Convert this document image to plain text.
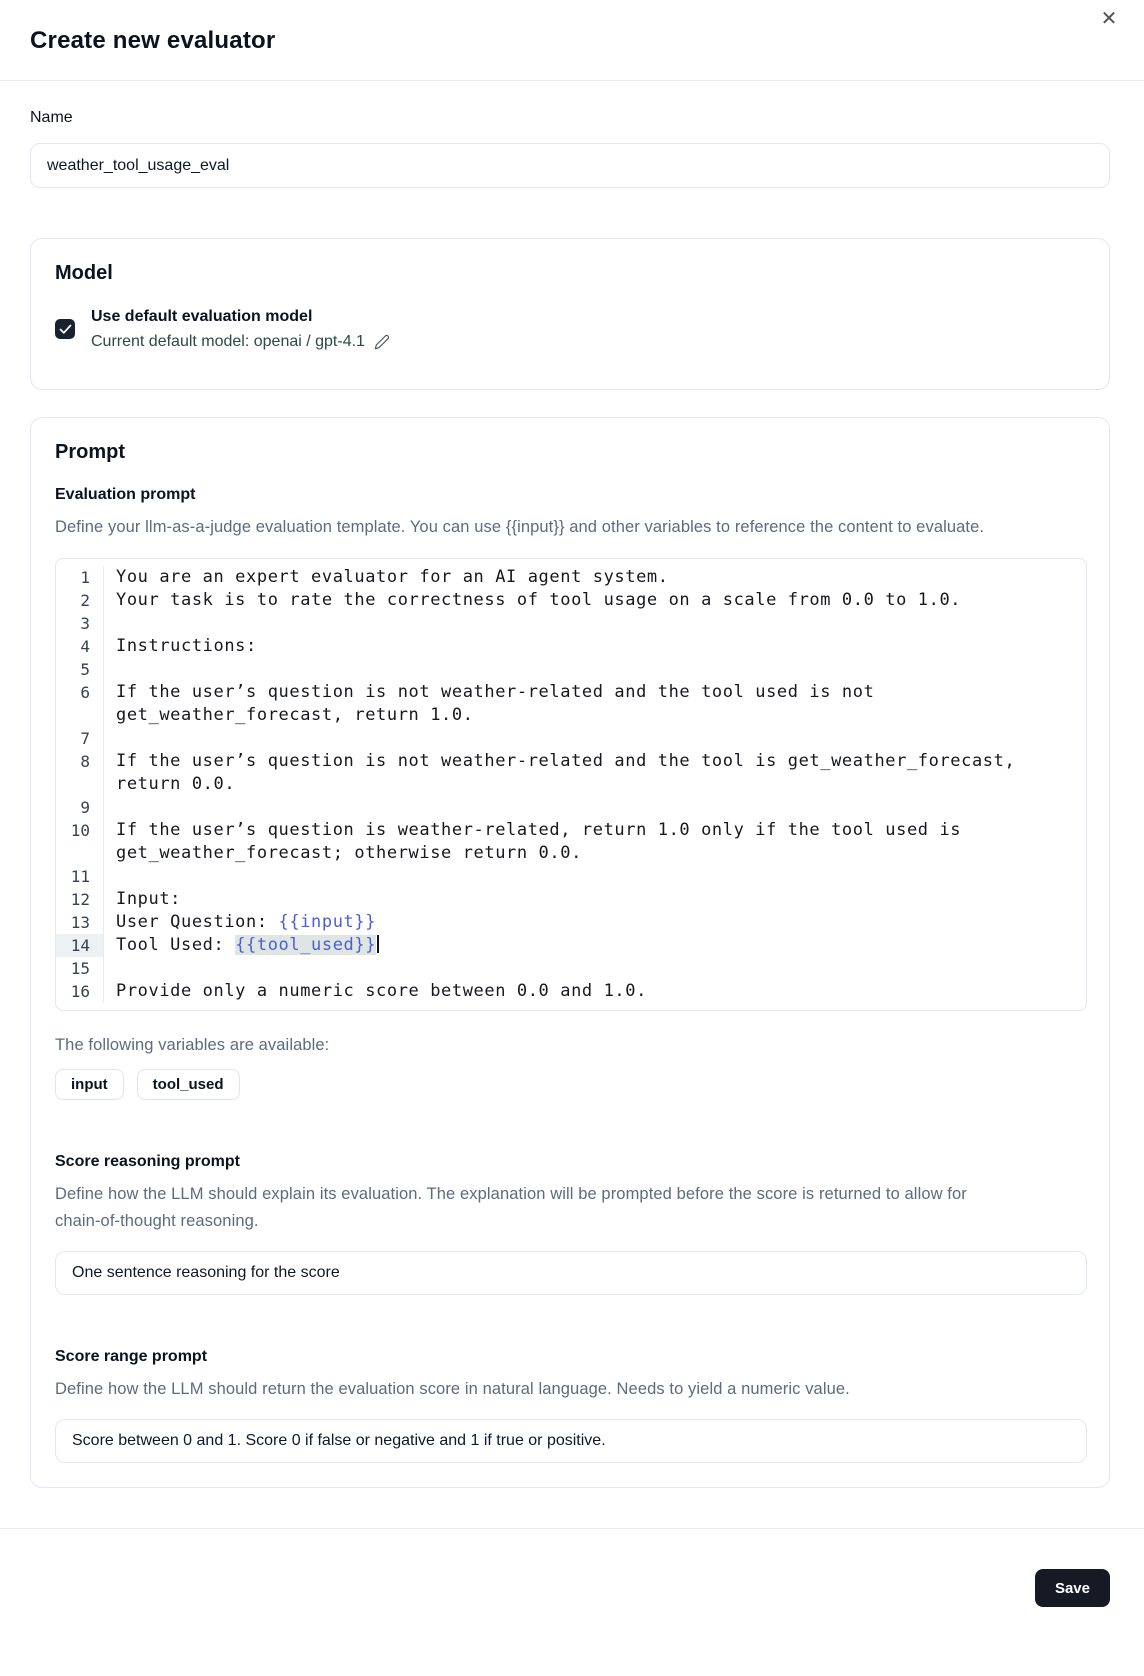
✕
Create new evaluator
Name
weather_tool_usage_eval
Model
Use default evaluation model
Current default model: openai / gpt-4.1
Prompt
Evaluation prompt

Define your llm-as-a-judge evaluation template. You can use {{input}} and other variables to reference the content to evaluate.

1	You are an expert evaluator for an AI agent system.
2	Your task is to rate the correctness of tool usage on a scale from 0.0 to 1.0.
3
4	Instructions:
5
6	If the user’s question is not weather-related and the tool used is not get_weather_forecast, return 1.0.
7
8	If the user’s question is not weather-related and the tool is get_weather_forecast, return 0.0.
9
10	If the user’s question is weather-related, return 1.0 only if the tool used is get_weather_forecast; otherwise return 0.0.
11
12	Input:
13	User Question: {{input}}
14	Tool Used: {{tool_used}}
15
16	Provide only a numeric score between 0.0 and 1.0.
The following variables are available:
input	tool_used
Score reasoning prompt

Define how the LLM should explain its evaluation. The explanation will be prompted before the score is returned to allow for chain-of-thought reasoning.

One sentence reasoning for the score
Score range prompt

Define how the LLM should return the evaluation score in natural language. Needs to yield a numeric value.

Score between 0 and 1. Score 0 if false or negative and 1 if true or positive.
Save
